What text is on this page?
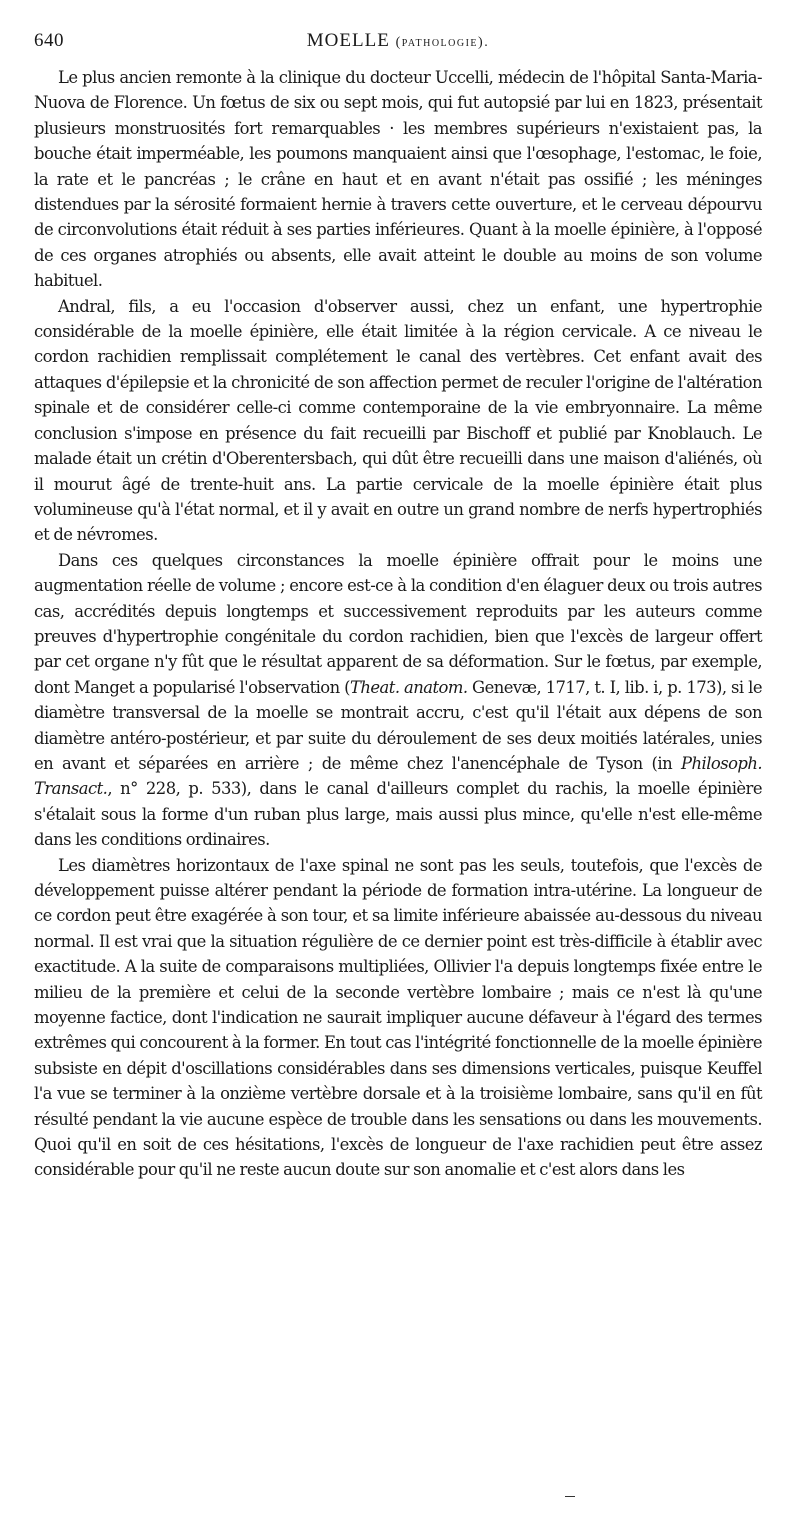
640	MOELLE (pathologie).

Le plus ancien remonte à la clinique du docteur Uccelli, médecin de l'hôpital Santa-Maria-Nuova de Florence. Un fœtus de six ou sept mois, qui fut autopsié par lui en 1823, présentait plusieurs monstruosités fort remarquables · les membres supérieurs n'existaient pas, la bouche était imperméable, les poumons manquaient ainsi que l'œsophage, l'estomac, le foie, la rate et le pancréas ; le crâne en haut et en avant n'était pas ossifié ; les méninges distendues par la sérosité formaient hernie à travers cette ouverture, et le cerveau dépourvu de circonvolutions était réduit à ses parties inférieures. Quant à la moelle épinière, à l'opposé de ces organes atrophiés ou absents, elle avait atteint le double au moins de son volume habituel.

Andral, fils, a eu l'occasion d'observer aussi, chez un enfant, une hypertrophie considérable de la moelle épinière, elle était limitée à la région cervicale. A ce niveau le cordon rachidien remplissait complétement le canal des vertèbres. Cet enfant avait des attaques d'épilepsie et la chronicité de son affection permet de reculer l'origine de l'altération spinale et de considérer celle-ci comme contemporaine de la vie embryonnaire. La même conclusion s'impose en présence du fait recueilli par Bischoff et publié par Knoblauch. Le malade était un crétin d'Oberentersbach, qui dût être recueilli dans une maison d'aliénés, où il mourut âgé de trente-huit ans. La partie cervicale de la moelle épinière était plus volumineuse qu'à l'état normal, et il y avait en outre un grand nombre de nerfs hypertrophiés et de névromes.

Dans ces quelques circonstances la moelle épinière offrait pour le moins une augmentation réelle de volume ; encore est-ce à la condition d'en élaguer deux ou trois autres cas, accrédités depuis longtemps et successivement reproduits par les auteurs comme preuves d'hypertrophie congénitale du cordon rachidien, bien que l'excès de largeur offert par cet organe n'y fût que le résultat apparent de sa déformation. Sur le fœtus, par exemple, dont Manget a popularisé l'observation (Theat. anatom. Genevæ, 1717, t. I, lib. i, p. 173), si le diamètre transversal de la moelle se montrait accru, c'est qu'il l'était aux dépens de son diamètre antéro-postérieur, et par suite du déroulement de ses deux moitiés latérales, unies en avant et séparées en arrière ; de même chez l'anencéphale de Tyson (in Philosoph. Transact., n° 228, p. 533), dans le canal d'ailleurs complet du rachis, la moelle épinière s'étalait sous la forme d'un ruban plus large, mais aussi plus mince, qu'elle n'est elle-même dans les conditions ordinaires.

Les diamètres horizontaux de l'axe spinal ne sont pas les seuls, toutefois, que l'excès de développement puisse altérer pendant la période de formation intra-utérine. La longueur de ce cordon peut être exagérée à son tour, et sa limite inférieure abaissée au-dessous du niveau normal. Il est vrai que la situation régulière de ce dernier point est très-difficile à établir avec exactitude. A la suite de comparaisons multipliées, Ollivier l'a depuis longtemps fixée entre le milieu de la première et celui de la seconde vertèbre lombaire ; mais ce n'est là qu'une moyenne factice, dont l'indication ne saurait impliquer aucune défaveur à l'égard des termes extrêmes qui concourent à la former. En tout cas l'intégrité fonctionnelle de la moelle épinière subsiste en dépit d'oscillations considérables dans ses dimensions verticales, puisque Keuffel l'a vue se terminer à la onzième vertèbre dorsale et à la troisième lombaire, sans qu'il en fût résulté pendant la vie aucune espèce de trouble dans les sensations ou dans les mouvements. Quoi qu'il en soit de ces hésitations, l'excès de longueur de l'axe rachidien peut être assez considérable pour qu'il ne reste aucun doute sur son anomalie et c'est alors dans les
